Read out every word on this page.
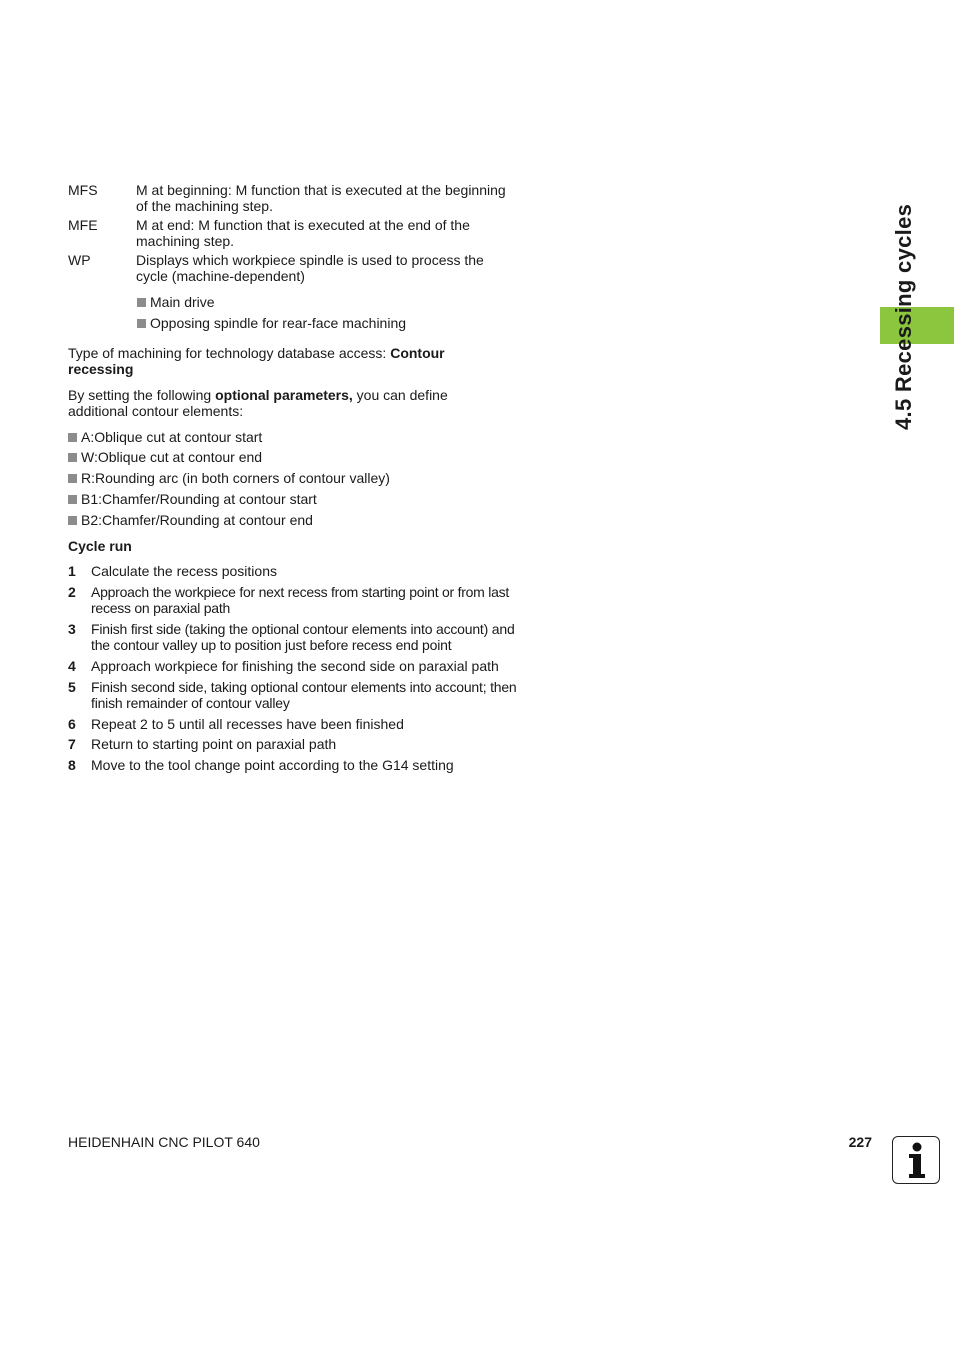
4.5 Recessing cycles
MFS	M at beginning: M function that is executed at the beginning of the machining step.
MFE	M at end: M function that is executed at the end of the machining step.
WP	Displays which workpiece spindle is used to process the cycle (machine-dependent)
Main drive
Opposing spindle for rear-face machining
Type of machining for technology database access: Contour recessing
By setting the following optional parameters, you can define additional contour elements:
A:Oblique cut at contour start
W:Oblique cut at contour end
R:Rounding arc (in both corners of contour valley)
B1:Chamfer/Rounding at contour start
B2:Chamfer/Rounding at contour end
Cycle run
1 Calculate the recess positions
2 Approach the workpiece for next recess from starting point or from last recess on paraxial path
3 Finish first side (taking the optional contour elements into account) and the contour valley up to position just before recess end point
4 Approach workpiece for finishing the second side on paraxial path
5 Finish second side, taking optional contour elements into account; then finish remainder of contour valley
6 Repeat 2 to 5 until all recesses have been finished
7 Return to starting point on paraxial path
8 Move to the tool change point according to the G14 setting
HEIDENHAIN CNC PILOT 640	227
